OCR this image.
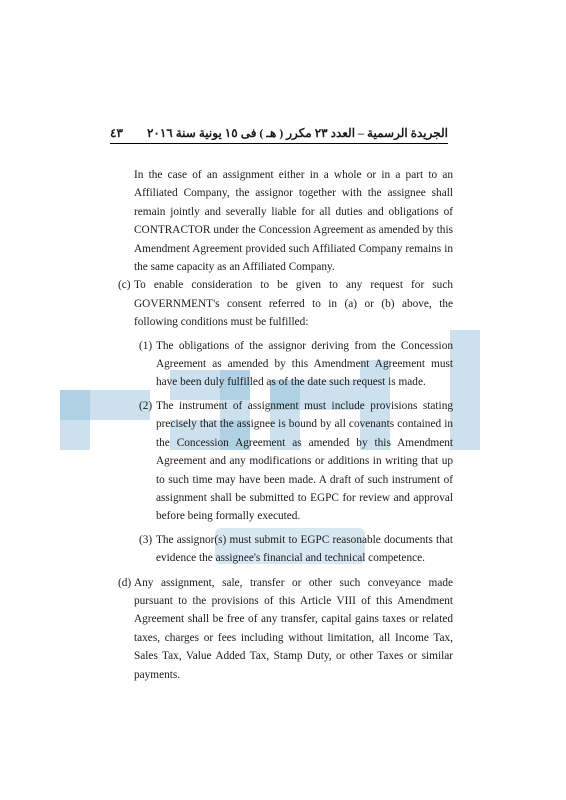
٤٣ الجريدة الرسمية – العدد ٢٣ مكرر ( هـ ) فى ١٥ يونية سنة ٢٠١٦

In the case of an assignment either in a whole or in a part to an Affiliated Company, the assignor together with the assignee shall remain jointly and severally liable for all duties and obligations of CONTRACTOR under the Concession Agreement as amended by this Amendment Agreement provided such Affiliated Company remains in the same capacity as an Affiliated Company.

(c) To enable consideration to be given to any request for such GOVERNMENT's consent referred to in (a) or (b) above, the following conditions must be fulfilled:
(1) The obligations of the assignor deriving from the Concession Agreement as amended by this Amendment Agreement must have been duly fulfilled as of the date such request is made.
(2) The instrument of assignment must include provisions stating precisely that the assignee is bound by all covenants contained in the Concession Agreement as amended by this Amendment Agreement and any modifications or additions in writing that up to such time may have been made. A draft of such instrument of assignment shall be submitted to EGPC for review and approval before being formally executed.
(3) The assignor(s) must submit to EGPC reasonable documents that evidence the assignee's financial and technical competence.
(d) Any assignment, sale, transfer or other such conveyance made pursuant to the provisions of this Article VIII of this Amendment Agreement shall be free of any transfer, capital gains taxes or related taxes, charges or fees including without limitation, all Income Tax, Sales Tax, Value Added Tax, Stamp Duty, or other Taxes or similar payments.
